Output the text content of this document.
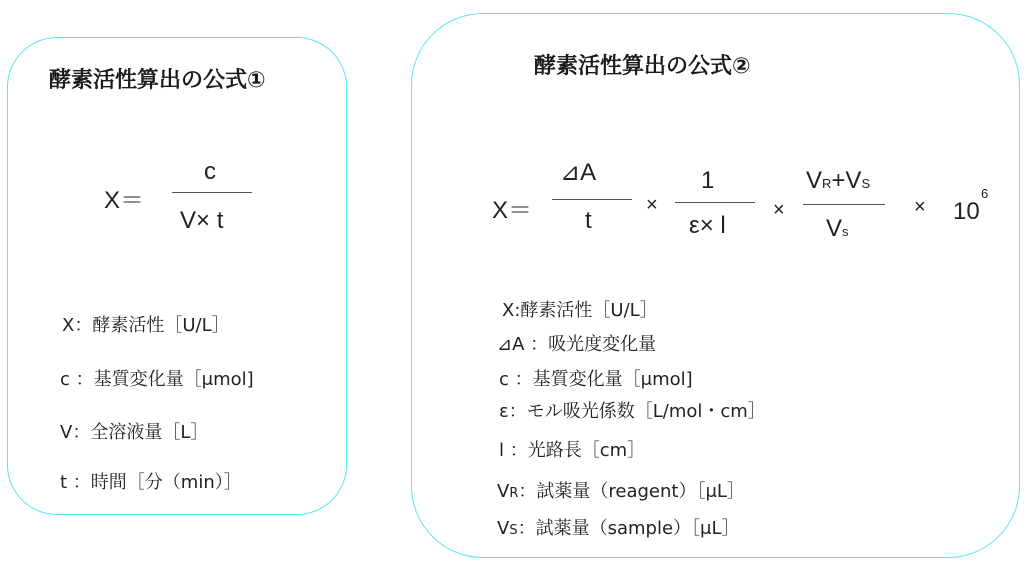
酵素活性算出の公式①
X＝
c
V× t
X：酵素活性［U/L］
c ：基質変化量［μmol]
V：全溶液量［L］
t ：時間［分（min）］
酵素活性算出の公式②
X＝
⊿A
t
×
1
ε× l
×
VR+VS
Vs
× 10
6
X:酵素活性［U/L］
⊿A ：吸光度変化量
c ：基質変化量［μmol]
ε：モル吸光係数［L/mol・cm］
l ：光路長［cm］
VR：試薬量（reagent）［μL］
VS：試薬量（sample）［μL］
